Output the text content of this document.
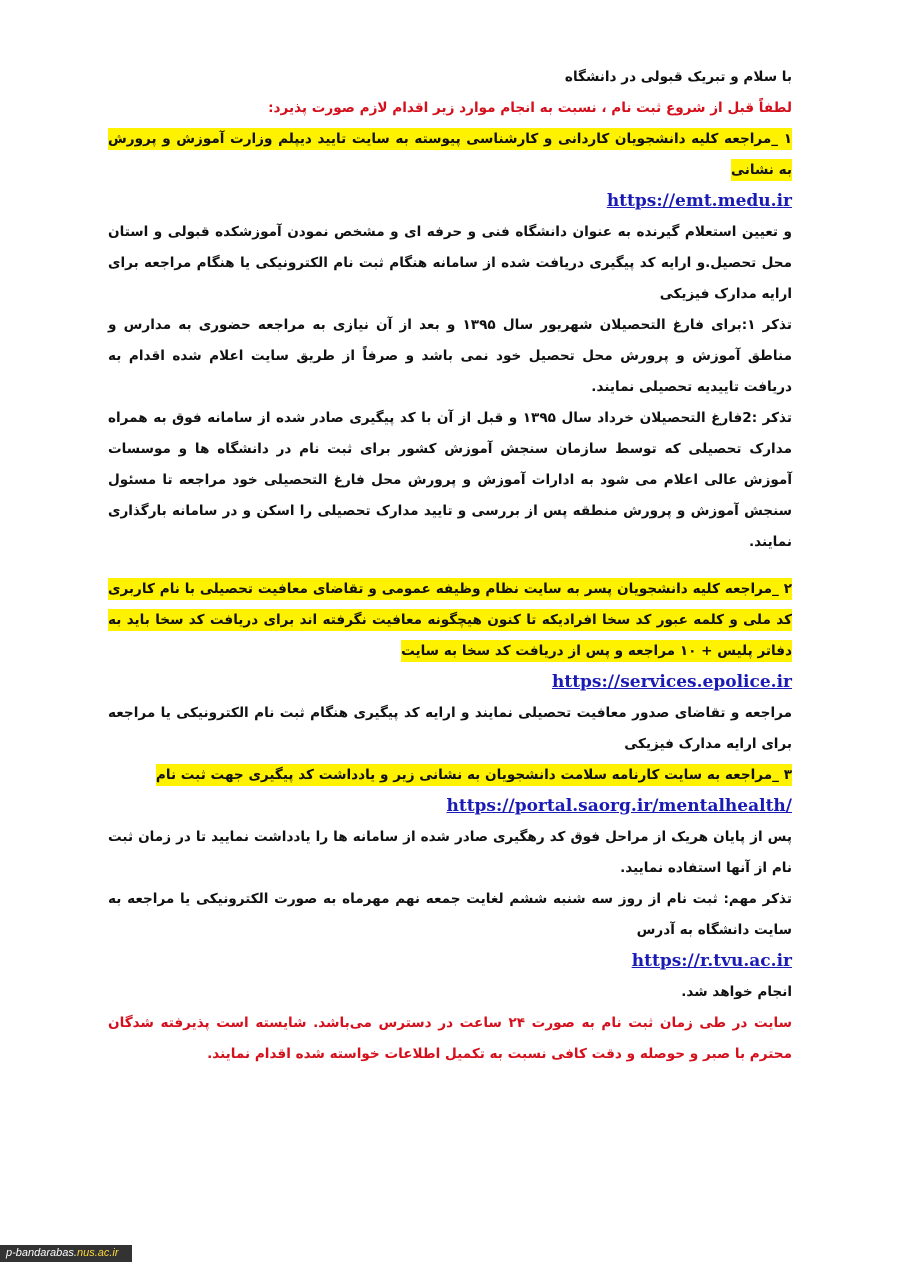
با سلام و تبریک قبولی در دانشگاه

لطفاً قبل از شروع ثبت نام ، نسبت به انجام موارد زیر اقدام لازم صورت پذیرد:

۱ _مراجعه کلیه دانشجویان کاردانی و کارشناسی پیوسته به سایت تایید دیپلم وزارت آموزش و پرورش به نشانی

https://emt.medu.ir

و تعیین استعلام گیرنده به عنوان دانشگاه فنی و حرفه ای و مشخص نمودن آموزشکده قبولی و استان محل تحصیل.و ارایه کد پیگیری دریافت شده از سامانه هنگام ثبت نام الکترونیکی یا هنگام مراجعه برای ارایه مدارک فیزیکی

تذکر ۱:برای فارغ التحصیلان شهریور سال ۱۳۹۵ و بعد از آن نیازی به مراجعه حضوری به مدارس و مناطق آموزش و پرورش محل تحصیل خود نمی باشد و صرفاً از طریق سایت اعلام شده اقدام به دریافت تاییدیه تحصیلی نمایند.

تذکر :2فارغ التحصیلان خرداد سال ۱۳۹۵ و قبل از آن با کد پیگیری صادر شده از سامانه فوق به همراه مدارک تحصیلی که توسط سازمان سنجش آموزش کشور برای ثبت نام در دانشگاه ها و موسسات آموزش عالی اعلام می شود به ادارات آموزش و پرورش محل فارغ التحصیلی خود مراجعه تا مسئول سنجش آموزش و پرورش منطقه پس از بررسی و تایید مدارک تحصیلی را اسکن و در سامانه بارگذاری نمایند.

۲ _مراجعه کلیه دانشجویان پسر به سایت نظام وظیفه عمومی و تقاضای معافیت تحصیلی با نام کاربری کد ملی و کلمه عبور کد سخا افرادیکه تا کنون هیچگونه معافیت نگرفته اند برای دریافت کد سخا باید به دفاتر پلیس + ۱۰ مراجعه و پس از دریافت کد سخا به سایت

https://services.epolice.ir

مراجعه و تقاضای صدور معافیت تحصیلی نمایند و ارایه کد پیگیری هنگام ثبت نام الکترونیکی یا مراجعه برای ارایه مدارک فیزیکی

۳ _مراجعه به سایت کارنامه سلامت دانشجویان به نشانی زیر و یادداشت کد پیگیری جهت ثبت نام

https://portal.saorg.ir/mentalhealth/

پس از پایان هریک از مراحل فوق کد رهگیری صادر شده از سامانه ها را یادداشت نمایید تا در زمان ثبت نام از آنها استفاده نمایید.

تذکر مهم: ثبت نام از روز سه شنبه ششم لغایت جمعه نهم مهرماه به صورت الکترونیکی یا مراجعه به سایت دانشگاه به آدرس

https://r.tvu.ac.ir

انجام خواهد شد.

سایت در طی زمان ثبت نام به صورت ۲۴ ساعت در دسترس می‌باشد. شایسته است پذیرفته شدگان محترم با صبر و حوصله و دقت کافی نسبت به تکمیل اطلاعات خواسته شده اقدام نمایند.

p-bandarabas.nus.ac.ir
